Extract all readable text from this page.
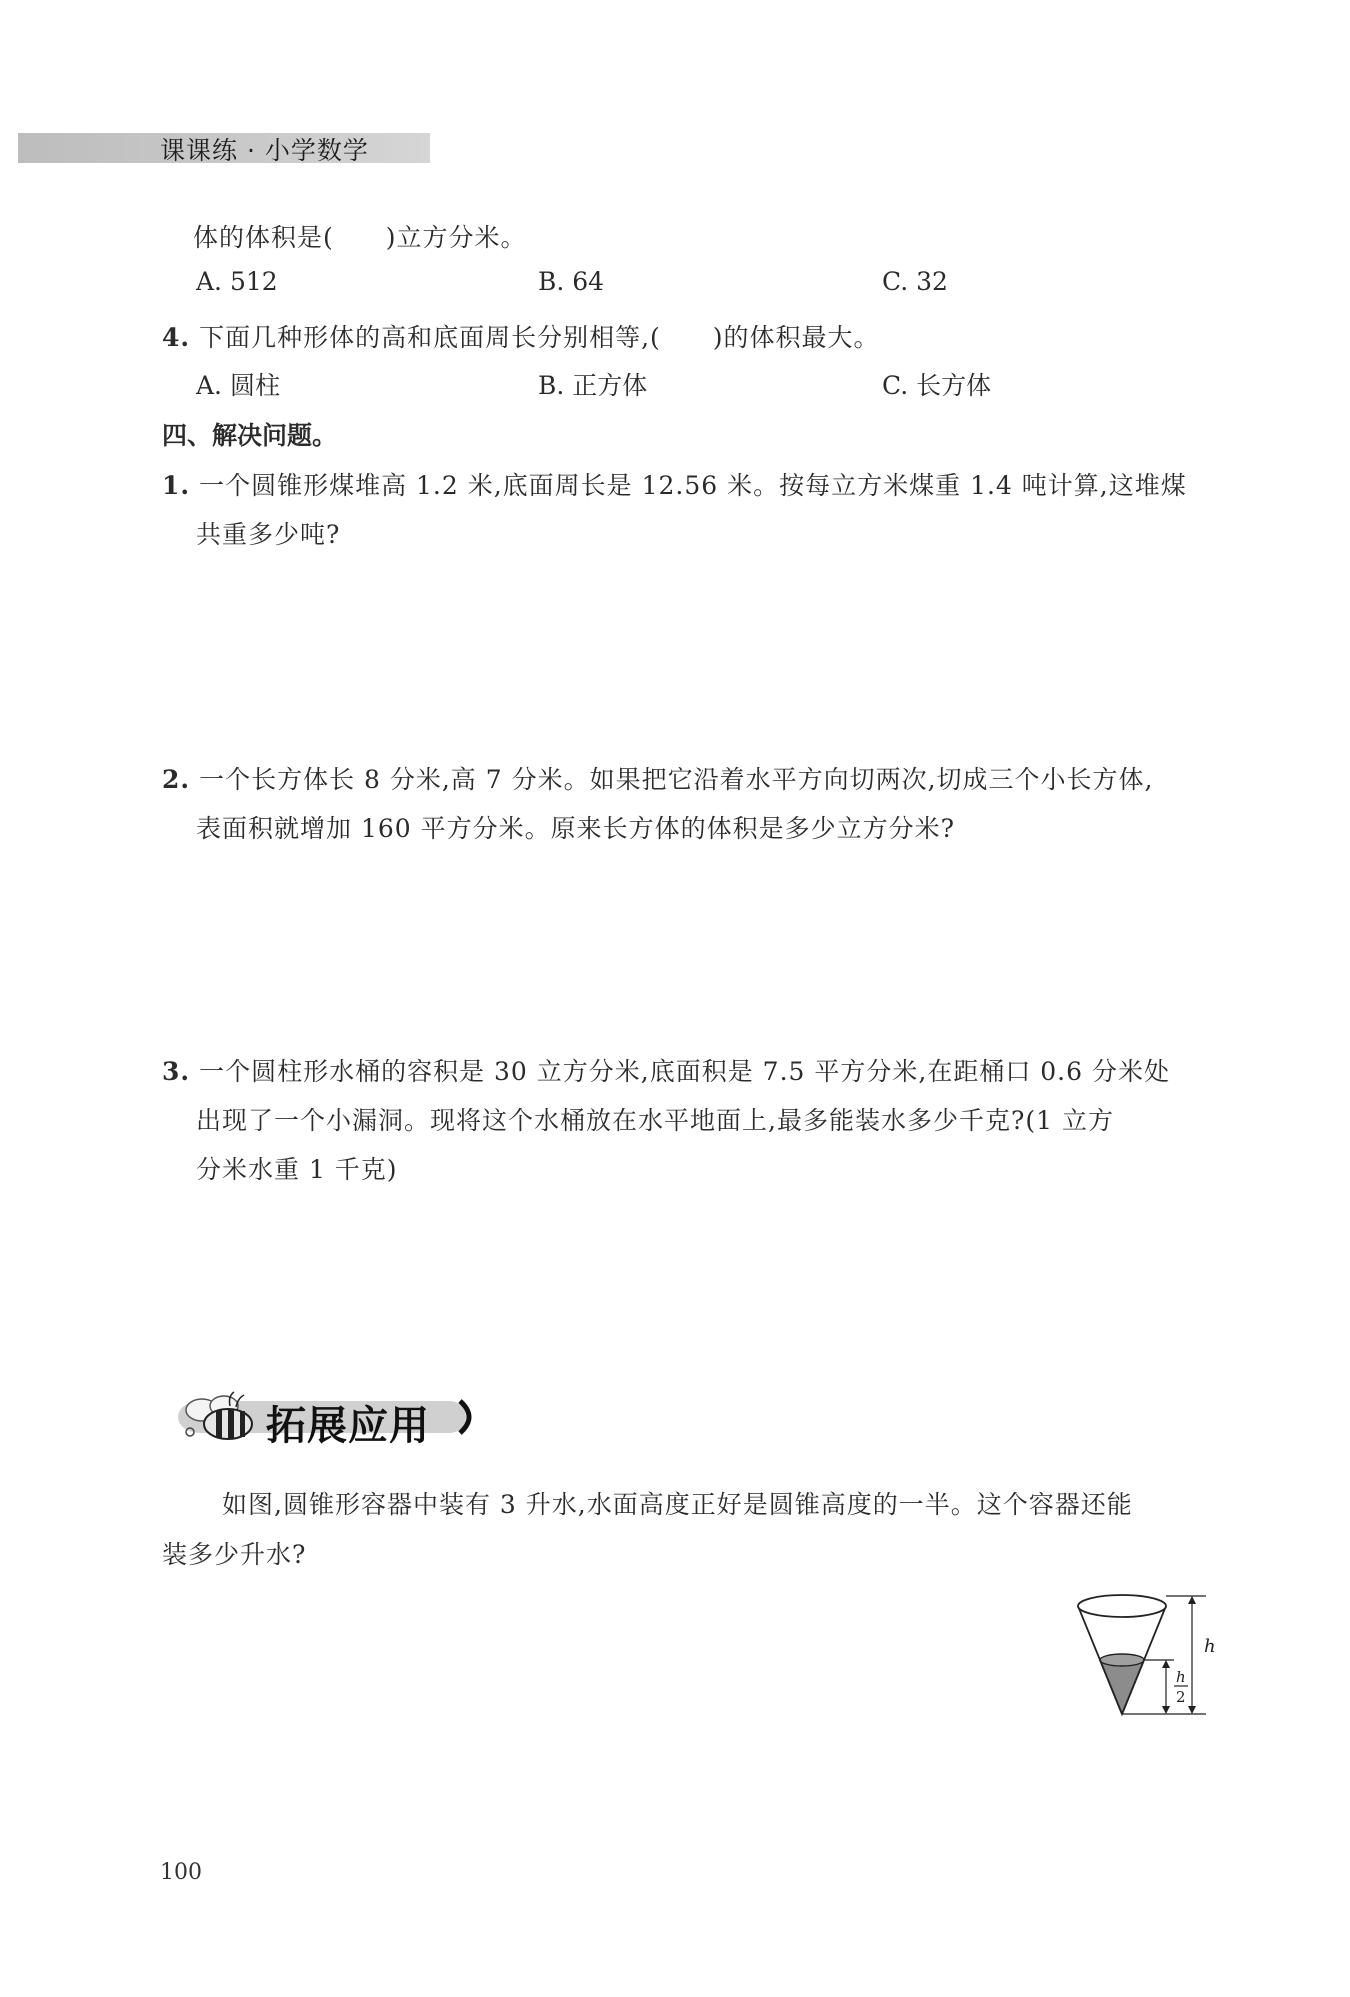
课课练 · 小学数学
体的体积是( )立方分米。
A. 512	B. 64	C. 32
4. 下面几种形体的高和底面周长分别相等,( )的体积最大。
A. 圆柱	B. 正方体	C. 长方体
四、解决问题。
1. 一个圆锥形煤堆高 1.2 米,底面周长是 12.56 米。按每立方米煤重 1.4 吨计算,这堆煤
共重多少吨?
2. 一个长方体长 8 分米,高 7 分米。如果把它沿着水平方向切两次,切成三个小长方体,
表面积就增加 160 平方分米。原来长方体的体积是多少立方分米?
3. 一个圆柱形水桶的容积是 30 立方分米,底面积是 7.5 平方分米,在距桶口 0.6 分米处
出现了一个小漏洞。现将这个水桶放在水平地面上,最多能装水多少千克?(1 立方
分米水重 1 千克)
拓展应用
如图,圆锥形容器中装有 3 升水,水面高度正好是圆锥高度的一半。这个容器还能
装多少升水?
h
h
2
100
